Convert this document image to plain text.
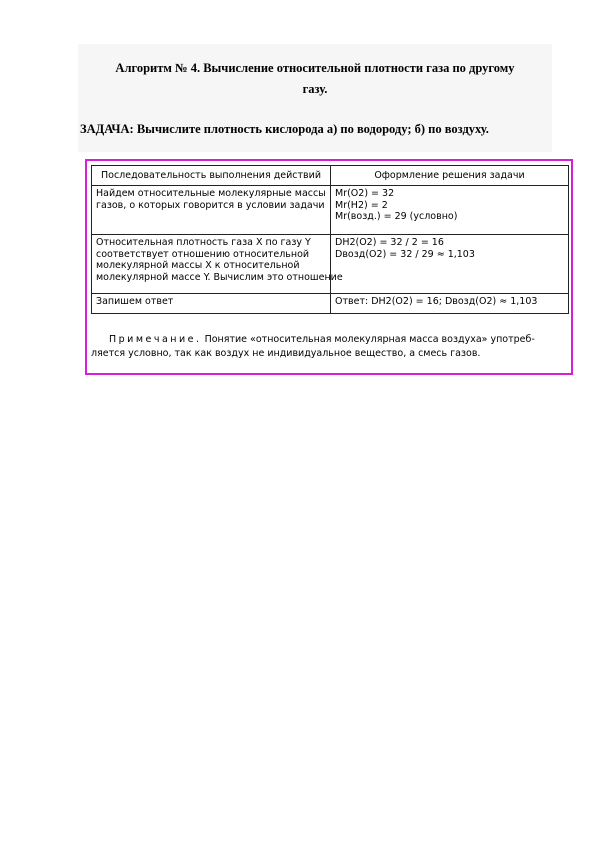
Алгоритм № 4. Вычисление относительной плотности газа по другому
газу.
ЗАДАЧА: Вычислите плотность кислорода а) по водороду; б) по воздуху.
Последовательность выполнения действий	Оформление решения задачи

Найдем относительные молекулярные массы
газов, о которых говорится в условии задачи	Mr(O2) = 32
Mr(H2) = 2
Mr(возд.) = 29 (условно)

Относительная плотность газа X по газу Y
соответствует отношению относительной
молекулярной массы X к относительной
молекулярной массе Y. Вычислим это отношение	DH2(O2) = 32 / 2 = 16
Dвозд(O2) = 32 / 29 ≈ 1,103

Запишем ответ	Ответ: DH2(O2) = 16; Dвозд(O2) ≈ 1,103
Примечание. Понятие «относительная молекулярная масса воздуха» употреб-
ляется условно, так как воздух не индивидуальное вещество, а смесь газов.
